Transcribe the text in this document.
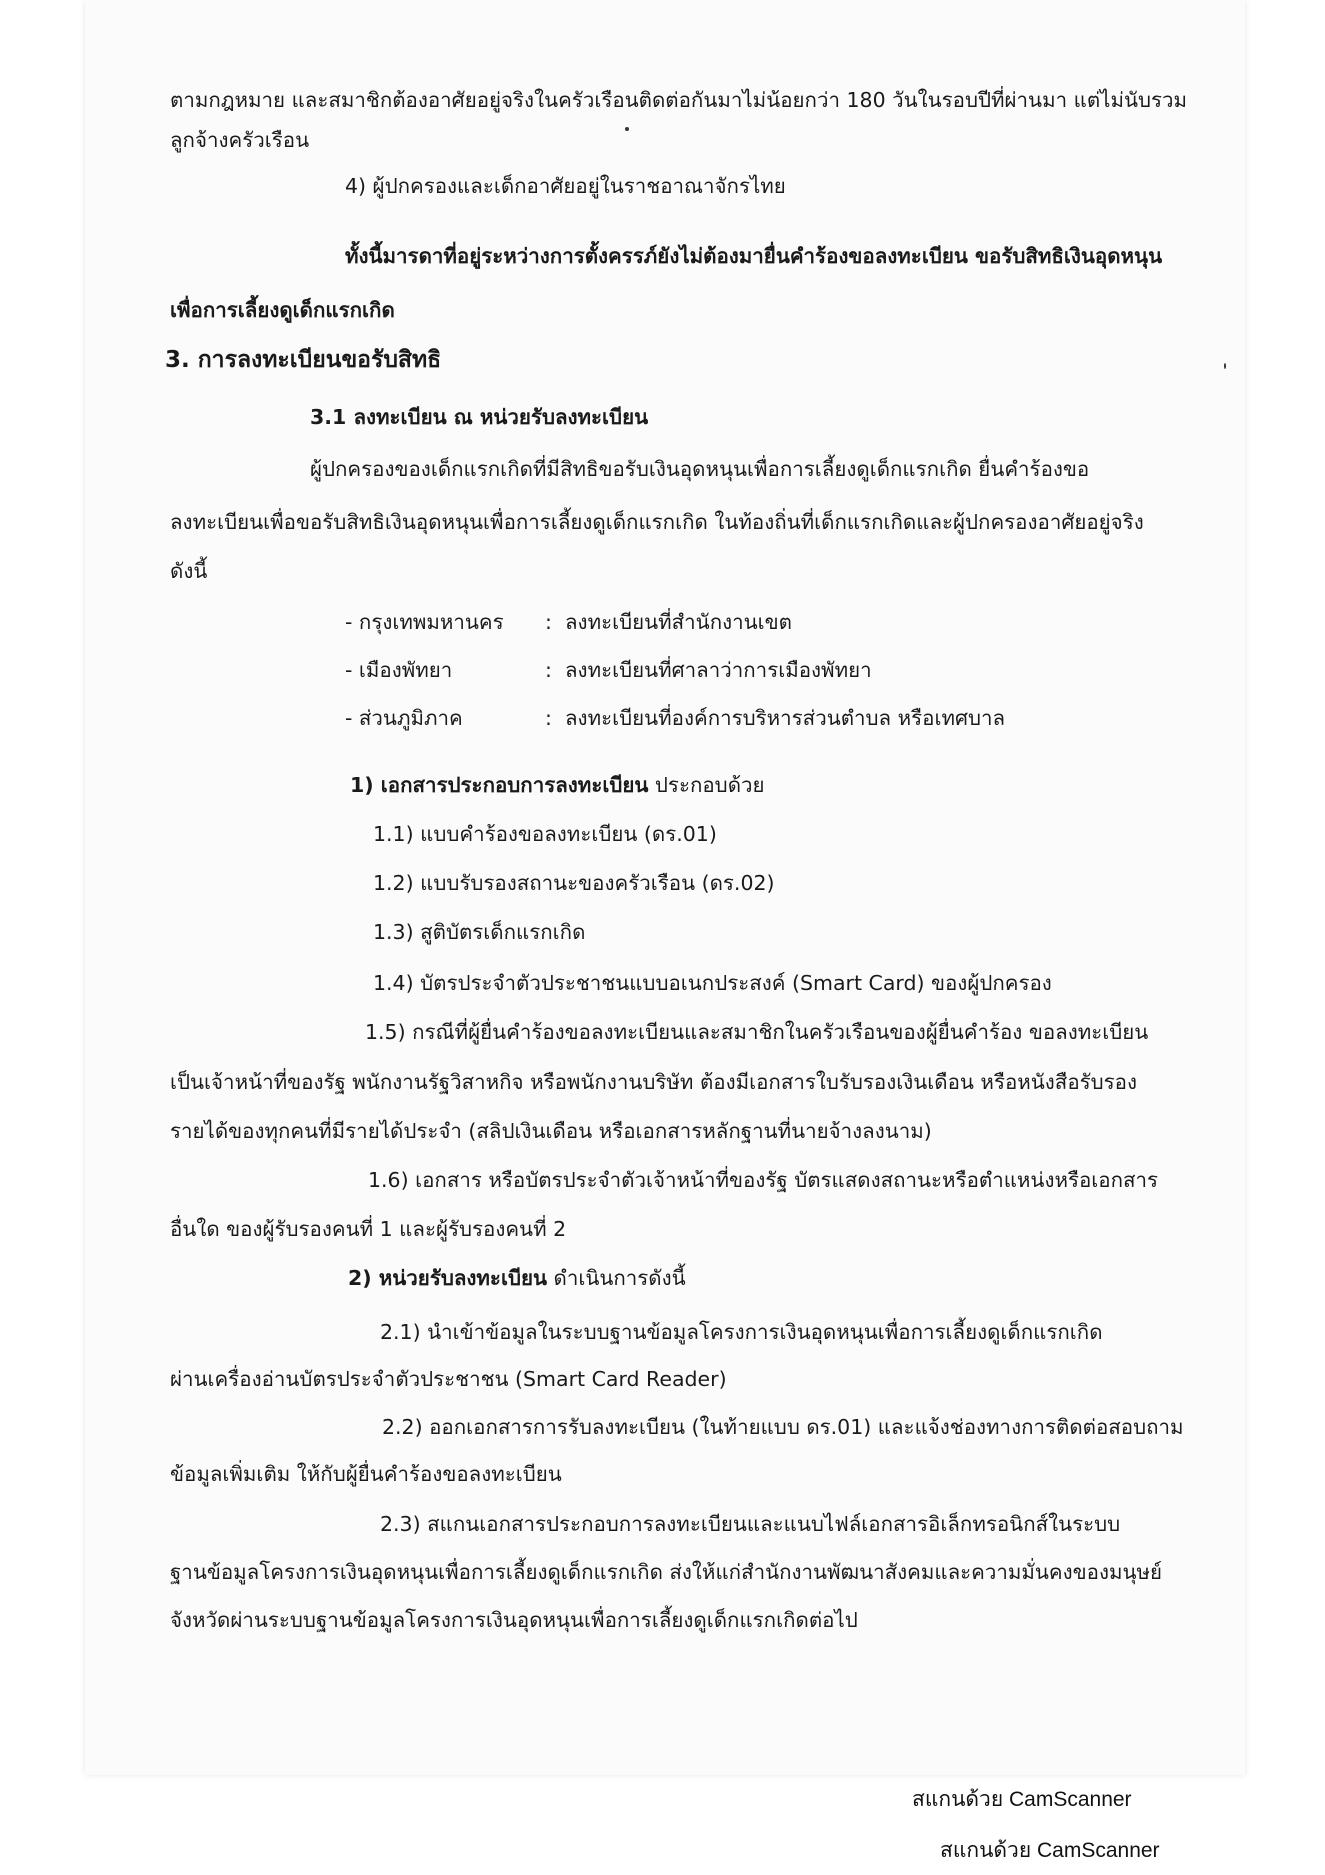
ตามกฎหมาย และสมาชิกต้องอาศัยอยู่จริงในครัวเรือนติดต่อกันมาไม่น้อยกว่า 180 วันในรอบปีที่ผ่านมา แต่ไม่นับรวม
ลูกจ้างครัวเรือน
4) ผู้ปกครองและเด็กอาศัยอยู่ในราชอาณาจักรไทย
ทั้งนี้มารดาที่อยู่ระหว่างการตั้งครรภ์ยังไม่ต้องมายื่นคำร้องขอลงทะเบียน ขอรับสิทธิเงินอุดหนุน
เพื่อการเลี้ยงดูเด็กแรกเกิด
3. การลงทะเบียนขอรับสิทธิ
3.1 ลงทะเบียน ณ หน่วยรับลงทะเบียน
ผู้ปกครองของเด็กแรกเกิดที่มีสิทธิขอรับเงินอุดหนุนเพื่อการเลี้ยงดูเด็กแรกเกิด ยื่นคำร้องขอ
ลงทะเบียนเพื่อขอรับสิทธิเงินอุดหนุนเพื่อการเลี้ยงดูเด็กแรกเกิด ในท้องถิ่นที่เด็กแรกเกิดและผู้ปกครองอาศัยอยู่จริง
ดังนี้
- กรุงเทพมหานคร : ลงทะเบียนที่สำนักงานเขต
- เมืองพัทยา	: ลงทะเบียนที่ศาลาว่าการเมืองพัทยา
- ส่วนภูมิภาค	: ลงทะเบียนที่องค์การบริหารส่วนตำบล หรือเทศบาล
1) เอกสารประกอบการลงทะเบียน ประกอบด้วย
1.1) แบบคำร้องขอลงทะเบียน (ดร.01)
1.2) แบบรับรองสถานะของครัวเรือน (ดร.02)
1.3) สูติบัตรเด็กแรกเกิด
1.4) บัตรประจำตัวประชาชนแบบอเนกประสงค์ (Smart Card) ของผู้ปกครอง
1.5) กรณีที่ผู้ยื่นคำร้องขอลงทะเบียนและสมาชิกในครัวเรือนของผู้ยื่นคำร้อง ขอลงทะเบียน
เป็นเจ้าหน้าที่ของรัฐ พนักงานรัฐวิสาหกิจ หรือพนักงานบริษัท ต้องมีเอกสารใบรับรองเงินเดือน หรือหนังสือรับรอง
รายได้ของทุกคนที่มีรายได้ประจำ (สลิปเงินเดือน หรือเอกสารหลักฐานที่นายจ้างลงนาม)
1.6) เอกสาร หรือบัตรประจำตัวเจ้าหน้าที่ของรัฐ บัตรแสดงสถานะหรือตำแหน่งหรือเอกสาร
อื่นใด ของผู้รับรองคนที่ 1 และผู้รับรองคนที่ 2
2) หน่วยรับลงทะเบียน ดำเนินการดังนี้
2.1) นำเข้าข้อมูลในระบบฐานข้อมูลโครงการเงินอุดหนุนเพื่อการเลี้ยงดูเด็กแรกเกิด
ผ่านเครื่องอ่านบัตรประจำตัวประชาชน (Smart Card Reader)
2.2) ออกเอกสารการรับลงทะเบียน (ในท้ายแบบ ดร.01) และแจ้งช่องทางการติดต่อสอบถาม
ข้อมูลเพิ่มเติม ให้กับผู้ยื่นคำร้องขอลงทะเบียน
2.3) สแกนเอกสารประกอบการลงทะเบียนและแนบไฟล์เอกสารอิเล็กทรอนิกส์ในระบบ
ฐานข้อมูลโครงการเงินอุดหนุนเพื่อการเลี้ยงดูเด็กแรกเกิด ส่งให้แก่สำนักงานพัฒนาสังคมและความมั่นคงของมนุษย์
จังหวัดผ่านระบบฐานข้อมูลโครงการเงินอุดหนุนเพื่อการเลี้ยงดูเด็กแรกเกิดต่อไป
สแกนด้วย CamScanner
สแกนด้วย CamScanner
